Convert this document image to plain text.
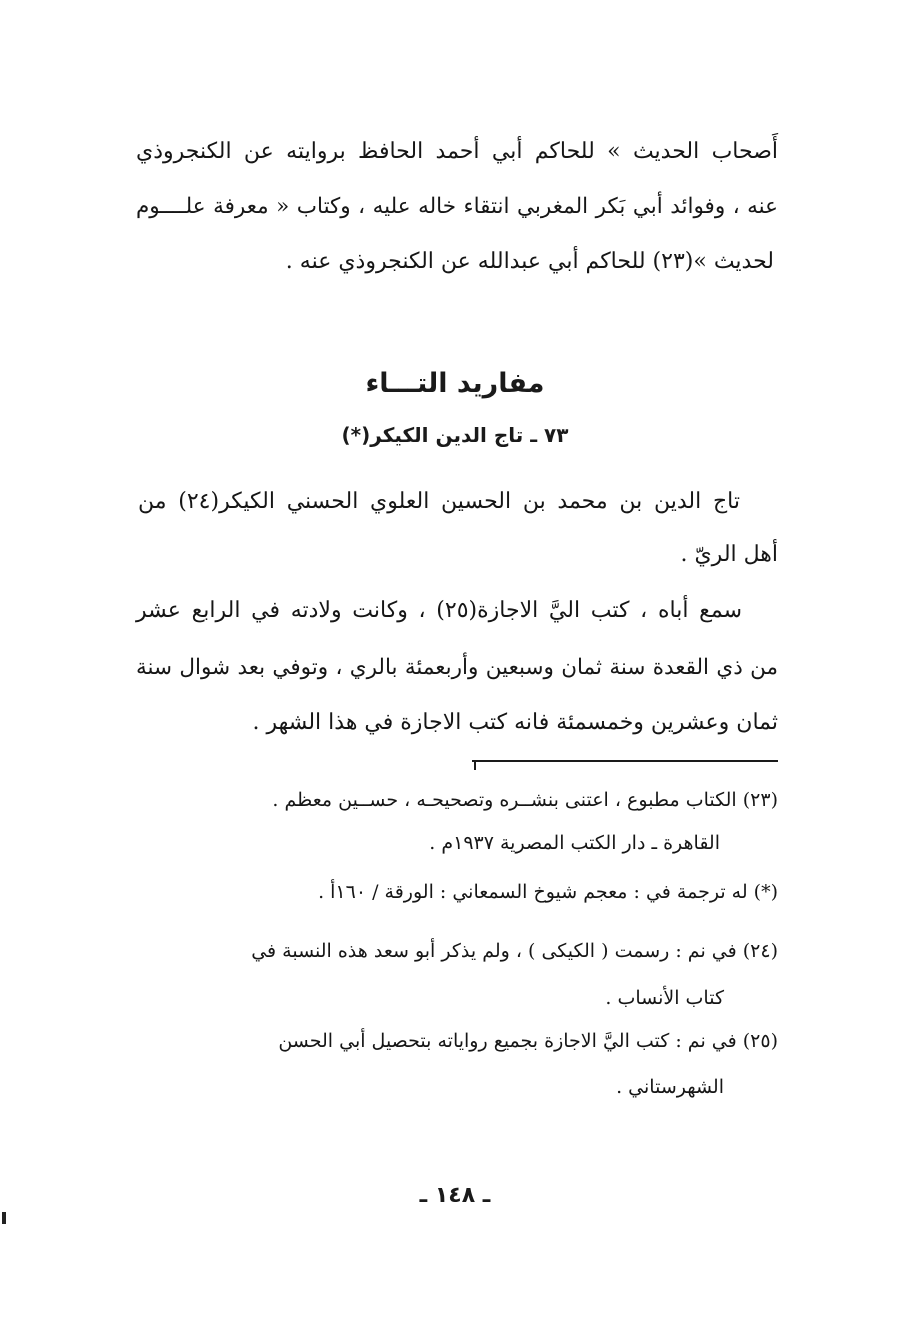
أَصحاب الحديث » للحاكم أبي أحمد الحافظ بروايته عن الكنجروذي
عنه ، وفوائد أبي بَكر المغربي انتقاء خاله عليه ، وكتاب « معرفة علــــوم
لحديث »(٢٣) للحاكم أبي عبدالله عن الكنجروذي عنه .
مفاريد التـــاء
٧٣ ـ تاج الدين الكيكر(*)
تاج الدين بن محمد بن الحسين العلوي الحسني الكيكر(٢٤) من
أهل الريّ .
سمع أباه ، كتب اليَّ الاجازة(٢٥) ، وكانت ولادته في الرابع عشر
من ذي القعدة سنة ثمان وسبعين وأربعمئة بالري ، وتوفي بعد شوال سنة
ثمان وعشرين وخمسمئة فانه كتب الاجازة في هذا الشهر .
(٢٣) الكتاب مطبوع ، اعتنى بنشــره وتصحيحـه ، حســين معظم .
القاهرة ـ دار الكتب المصرية ١٩٣٧م .
(*) له ترجمة في : معجم شيوخ السمعاني : الورقة / ١٦٠أ .
(٢٤) في نم : رسمت ( الكيكى ) ، ولم يذكر أبو سعد هذه النسبة في
كتاب الأنساب .
(٢٥) في نم : كتب اليَّ الاجازة بجميع رواياته بتحصيل أبي الحسن
الشهرستاني .
ـ ١٤٨ ـ
